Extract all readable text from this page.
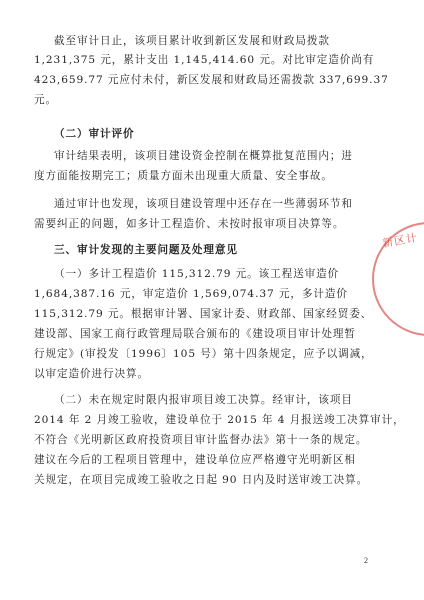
截至审计日止，该项目累计收到新区发展和财政局拨款
1,231,375 元，累计支出 1,145,414.60 元。对比审定造价尚有
423,659.77 元应付未付，新区发展和财政局还需拨款 337,699.37
元。
（二）审计评价
审计结果表明，该项目建设资金控制在概算批复范围内；进
度方面能按期完工；质量方面未出现重大质量、安全事故。
通过审计也发现，该项目建设管理中还存在一些薄弱环节和
需要纠正的问题，如多计工程造价、未按时报审项目决算等。
三、审计发现的主要问题及处理意见
（一）多计工程造价 115,312.79 元。该工程送审造价
1,684,387.16 元，审定造价 1,569,074.37 元，多计造价
115,312.79 元。根据审计署、国家计委、财政部、国家经贸委、
建设部、国家工商行政管理局联合颁布的《建设项目审计处理暂
行规定》(审投发〔1996〕105 号）第十四条规定，应予以调减，
以审定造价进行决算。
（二）未在规定时限内报审项目竣工决算。经审计，该项目
2014 年 2 月竣工验收，建设单位于 2015 年 4 月报送竣工决算审计，
不符合《光明新区政府投资项目审计监督办法》第十一条的规定。
建议在今后的工程项目管理中，建设单位应严格遵守光明新区相
关规定，在项目完成竣工验收之日起 90 日内及时送审竣工决算。
新区计
2
